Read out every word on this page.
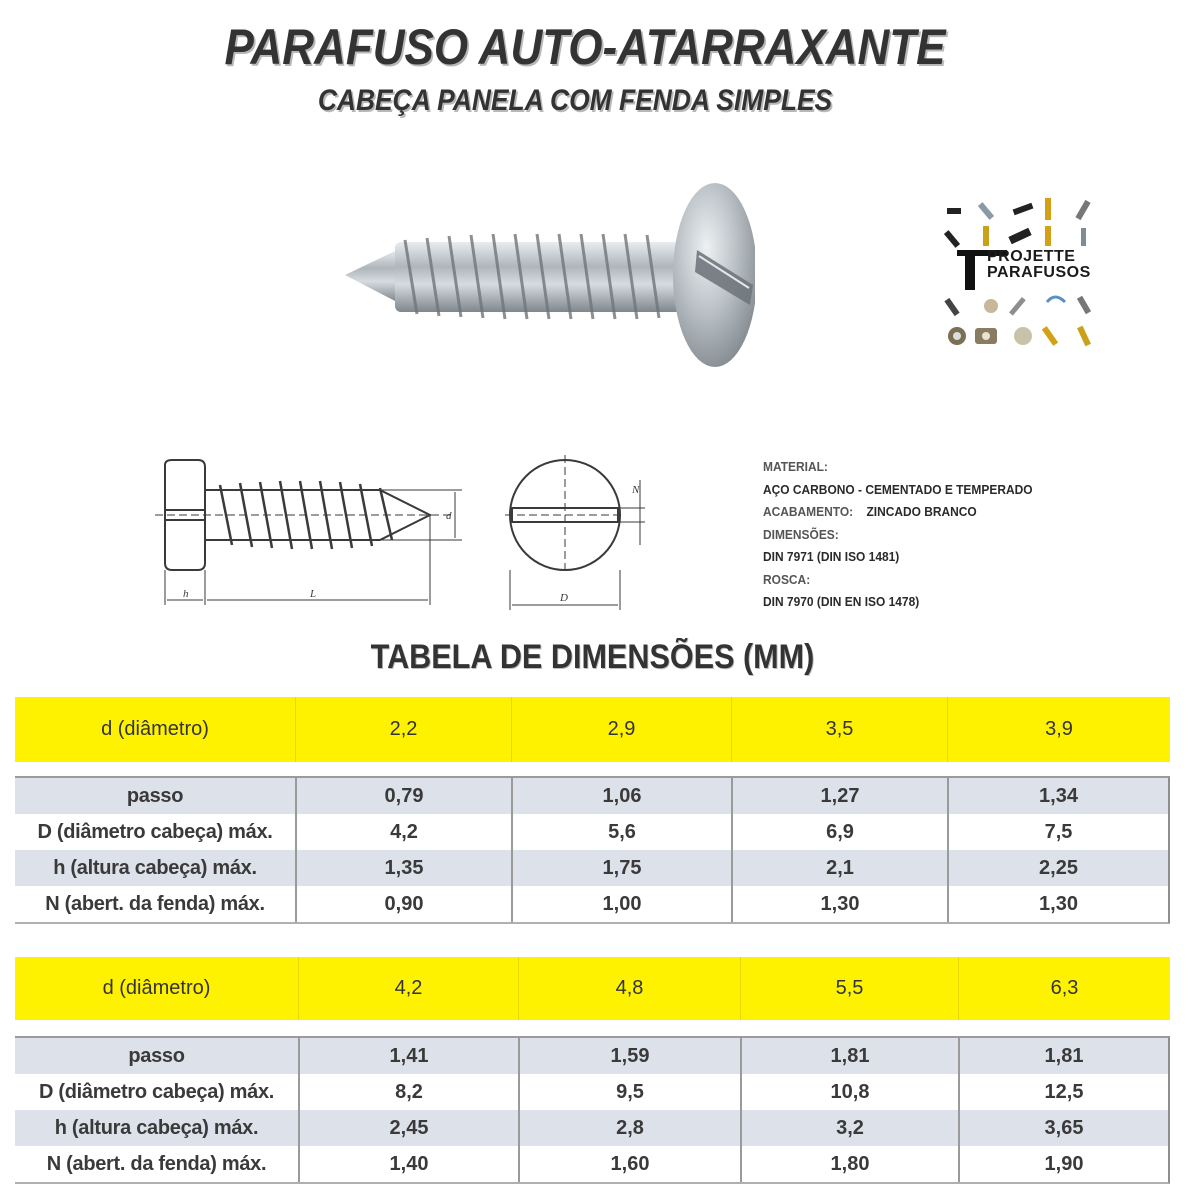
PARAFUSO AUTO-ATARRAXANTE
CABEÇA PANELA COM FENDA SIMPLES
PROJETTE
PARAFUSOS
h	L
d
D
N
MATERIAL:
AÇO CARBONO - CEMENTADO E TEMPERADO
ACABAMENTO: ZINCADO BRANCO
DIMENSÕES:
DIN 7971 (DIN ISO 1481)
ROSCA:
DIN 7970 (DIN EN ISO 1478)
TABELA DE DIMENSÕES (MM)
d (diâmetro)	2,2	2,9	3,5	3,9
passo	0,79	1,06	1,27	1,34
D (diâmetro cabeça) máx.	4,2	5,6	6,9	7,5
h (altura cabeça) máx.	1,35	1,75	2,1	2,25
N (abert. da fenda) máx.	0,90	1,00	1,30	1,30
d (diâmetro)	4,2	4,8	5,5	6,3
passo	1,41	1,59	1,81	1,81
D (diâmetro cabeça) máx.	8,2	9,5	10,8	12,5
h (altura cabeça) máx.	2,45	2,8	3,2	3,65
N (abert. da fenda) máx.	1,40	1,60	1,80	1,90
